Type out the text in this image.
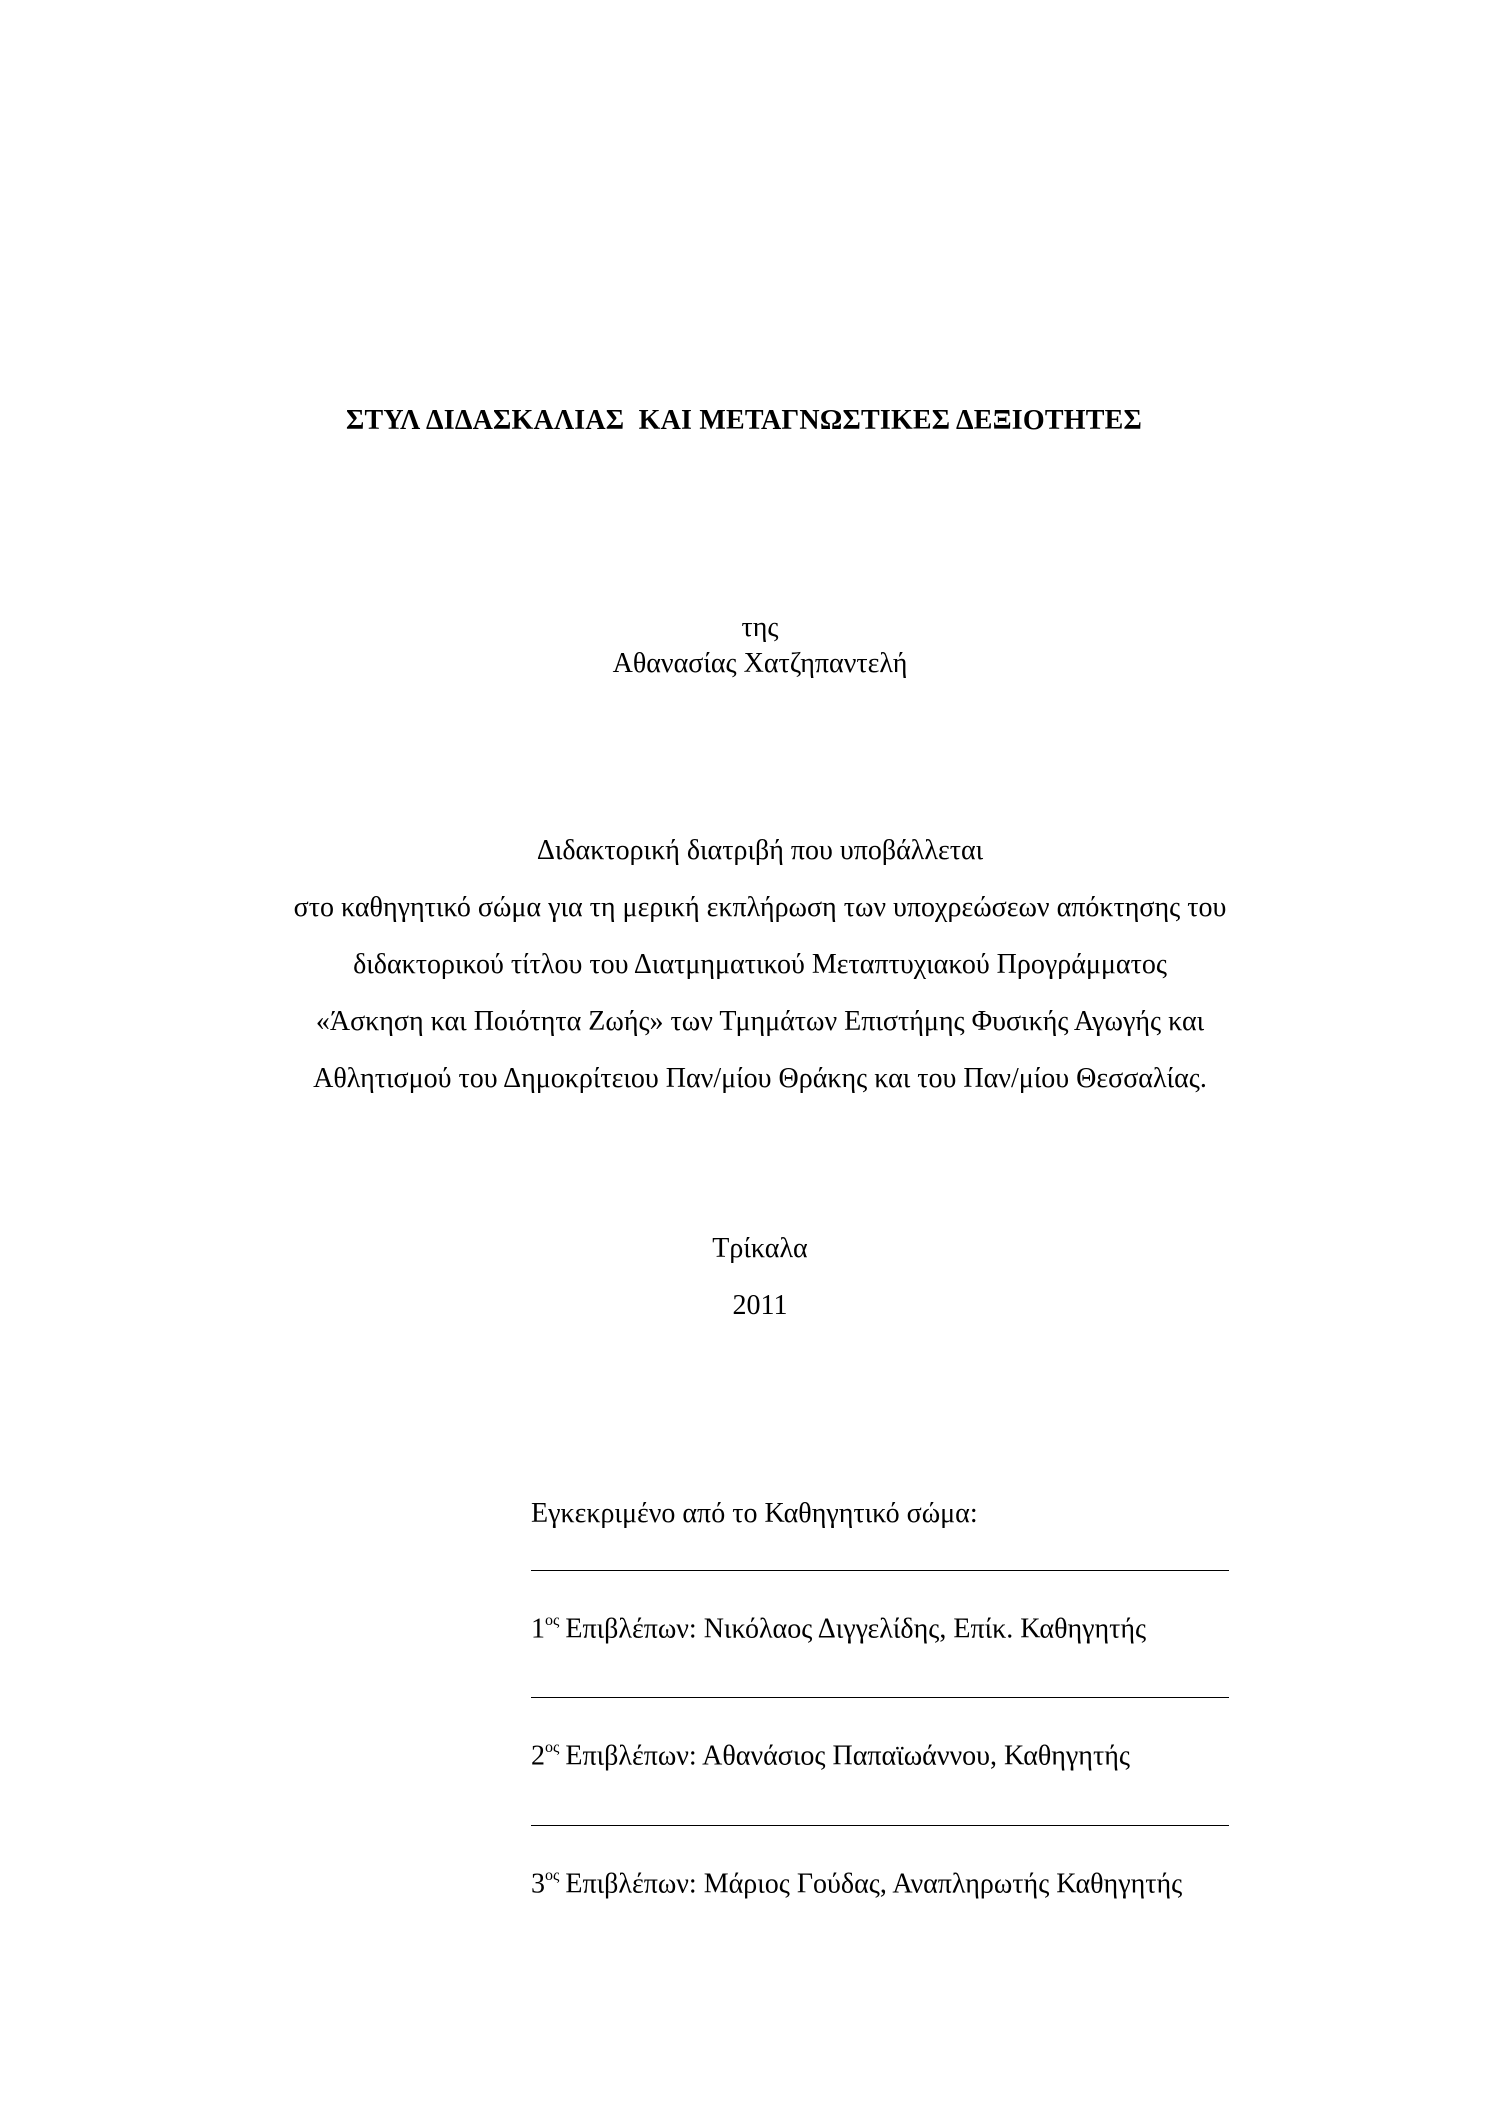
ΣΤΥΛ ΔΙΔΑΣΚΑΛΙΑΣ  ΚΑΙ ΜΕΤΑΓΝΩΣΤΙΚΕΣ ΔΕΞΙΟΤΗΤΕΣ
της
Αθανασίας Χατζηπαντελή
Διδακτορική διατριβή που υποβάλλεται
στο καθηγητικό σώμα για τη μερική εκπλήρωση των υποχρεώσεων απόκτησης του
διδακτορικού τίτλου του Διατμηματικού Μεταπτυχιακού Προγράμματος
«Άσκηση και Ποιότητα Ζωής» των Τμημάτων Επιστήμης Φυσικής Αγωγής και
Αθλητισμού του Δημοκρίτειου Παν/μίου Θράκης και του Παν/μίου Θεσσαλίας.
Τρίκαλα
2011
Εγκεκριμένο από το Καθηγητικό σώμα:
$1^{o\varsigma}$ Επιβλέπων: Νικόλαος Διγγελίδης, Επίκ. Καθηγητής
$2^{o\varsigma}$ Επιβλέπων: Αθανάσιος Παπαϊωάννου, Καθηγητής
$3^{o\varsigma}$ Επιβλέπων: Μάριος Γούδας, Αναπληρωτής Καθηγητής
